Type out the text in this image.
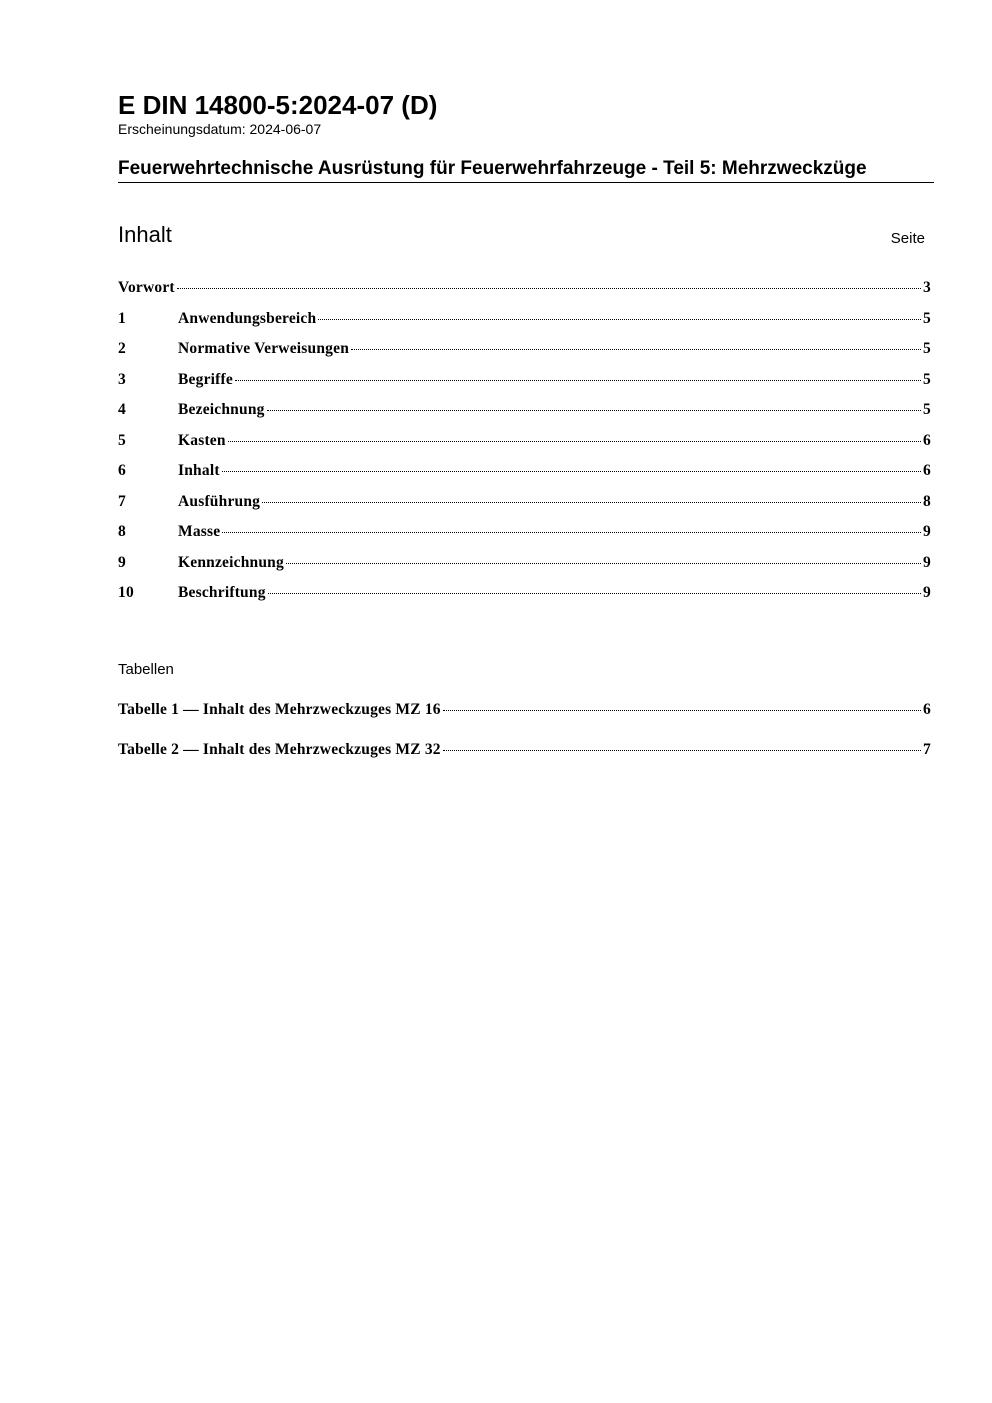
E DIN 14800-5:2024-07 (D)
Erscheinungsdatum: 2024-06-07
Feuerwehrtechnische Ausrüstung für Feuerwehrfahrzeuge - Teil 5: Mehrzweckzüge
Inhalt	Seite
Vorwort	3
1	Anwendungsbereich	5
2	Normative Verweisungen	5
3	Begriffe	5
4	Bezeichnung	5
5	Kasten	6
6	Inhalt	6
7	Ausführung	8
8	Masse	9
9	Kennzeichnung	9
10	Beschriftung	9
Tabellen
Tabelle 1 — Inhalt des Mehrzweckzuges MZ 16	6
Tabelle 2 — Inhalt des Mehrzweckzuges MZ 32	7
